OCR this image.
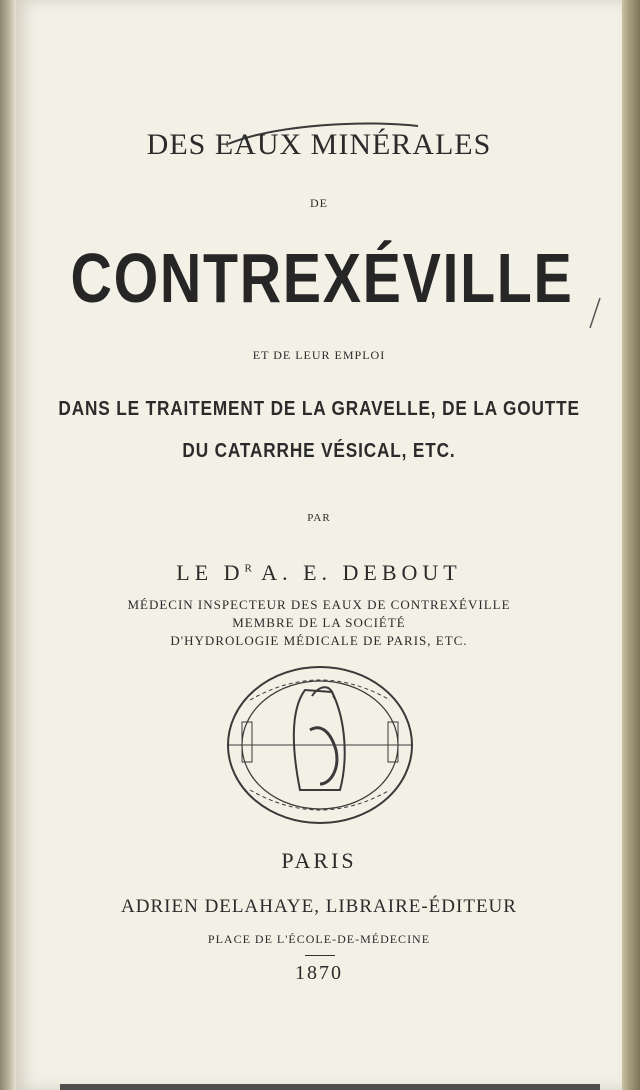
DES EAUX MINÉRALES
DE
CONTREXÉVILLE
ET DE LEUR EMPLOI
DANS LE TRAITEMENT DE LA GRAVELLE, DE LA GOUTTE
DU CATARRHE VÉSICAL, ETC.
PAR
LE $D^R$ A. E. DEBOUT
MÉDECIN INSPECTEUR DES EAUX DE CONTREXÉVILLE
MEMBRE DE LA SOCIÉTÉ
D'HYDROLOGIE MÉDICALE DE PARIS, ETC.
PARIS
ADRIEN DELAHAYE, LIBRAIRE-ÉDITEUR
PLACE DE L'ÉCOLE-DE-MÉDECINE
1870
